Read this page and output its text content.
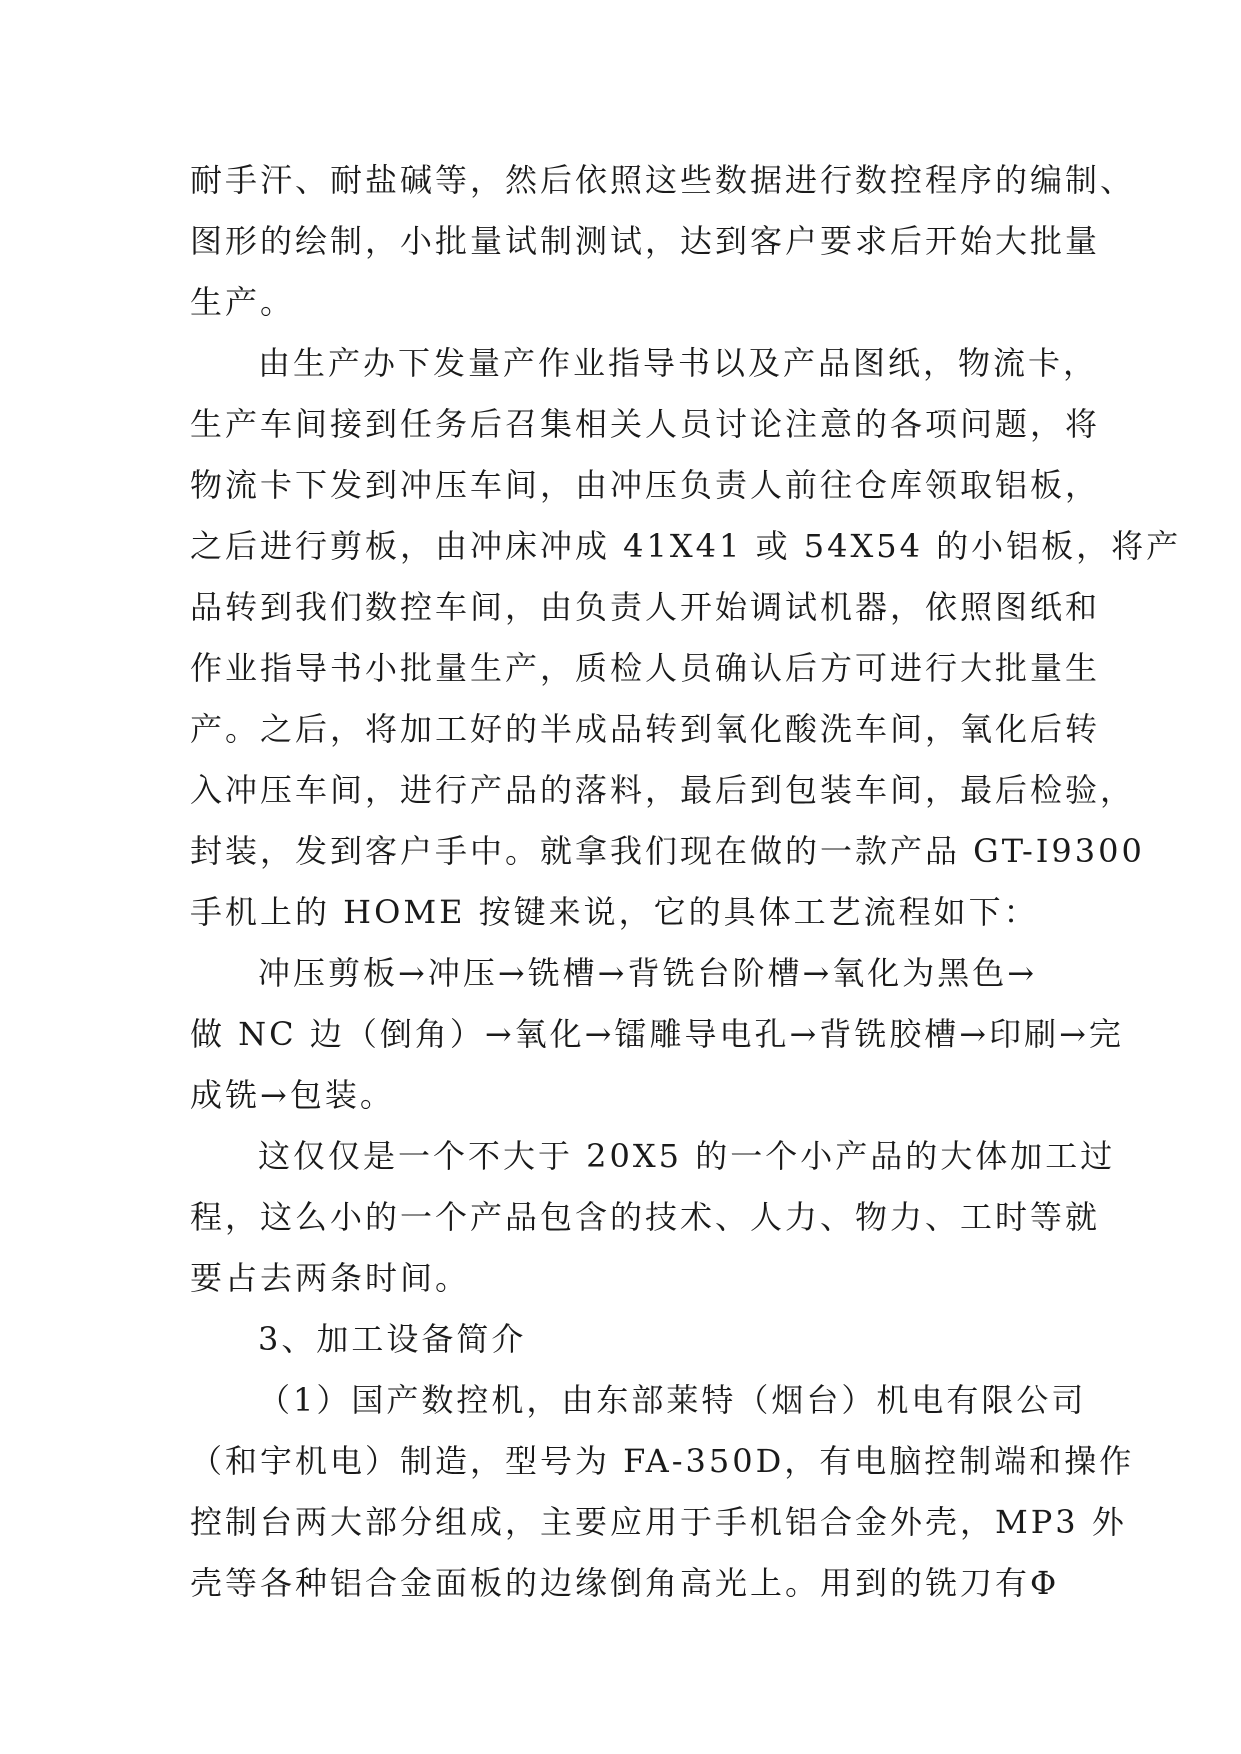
耐手汗、耐盐碱等，然后依照这些数据进行数控程序的编制、
图形的绘制，小批量试制测试，达到客户要求后开始大批量
生产。
由生产办下发量产作业指导书以及产品图纸，物流卡，
生产车间接到任务后召集相关人员讨论注意的各项问题，将
物流卡下发到冲压车间，由冲压负责人前往仓库领取铝板，
之后进行剪板，由冲床冲成 41X41 或 54X54 的小铝板，将产
品转到我们数控车间，由负责人开始调试机器，依照图纸和
作业指导书小批量生产，质检人员确认后方可进行大批量生
产。之后，将加工好的半成品转到氧化酸洗车间，氧化后转
入冲压车间，进行产品的落料，最后到包装车间，最后检验，
封装，发到客户手中。就拿我们现在做的一款产品 GT-I9300
手机上的 HOME 按键来说，它的具体工艺流程如下：
冲压剪板→冲压→铣槽→背铣台阶槽→氧化为黑色→
做 NC 边（倒角）→氧化→镭雕导电孔→背铣胶槽→印刷→完
成铣→包装。
这仅仅是一个不大于 20X5 的一个小产品的大体加工过
程，这么小的一个产品包含的技术、人力、物力、工时等就
要占去两条时间。
3、加工设备简介
（1）国产数控机，由东部莱特（烟台）机电有限公司
（和宇机电）制造，型号为 FA-350D，有电脑控制端和操作
控制台两大部分组成，主要应用于手机铝合金外壳，MP3 外
壳等各种铝合金面板的边缘倒角高光上。用到的铣刀有Φ
